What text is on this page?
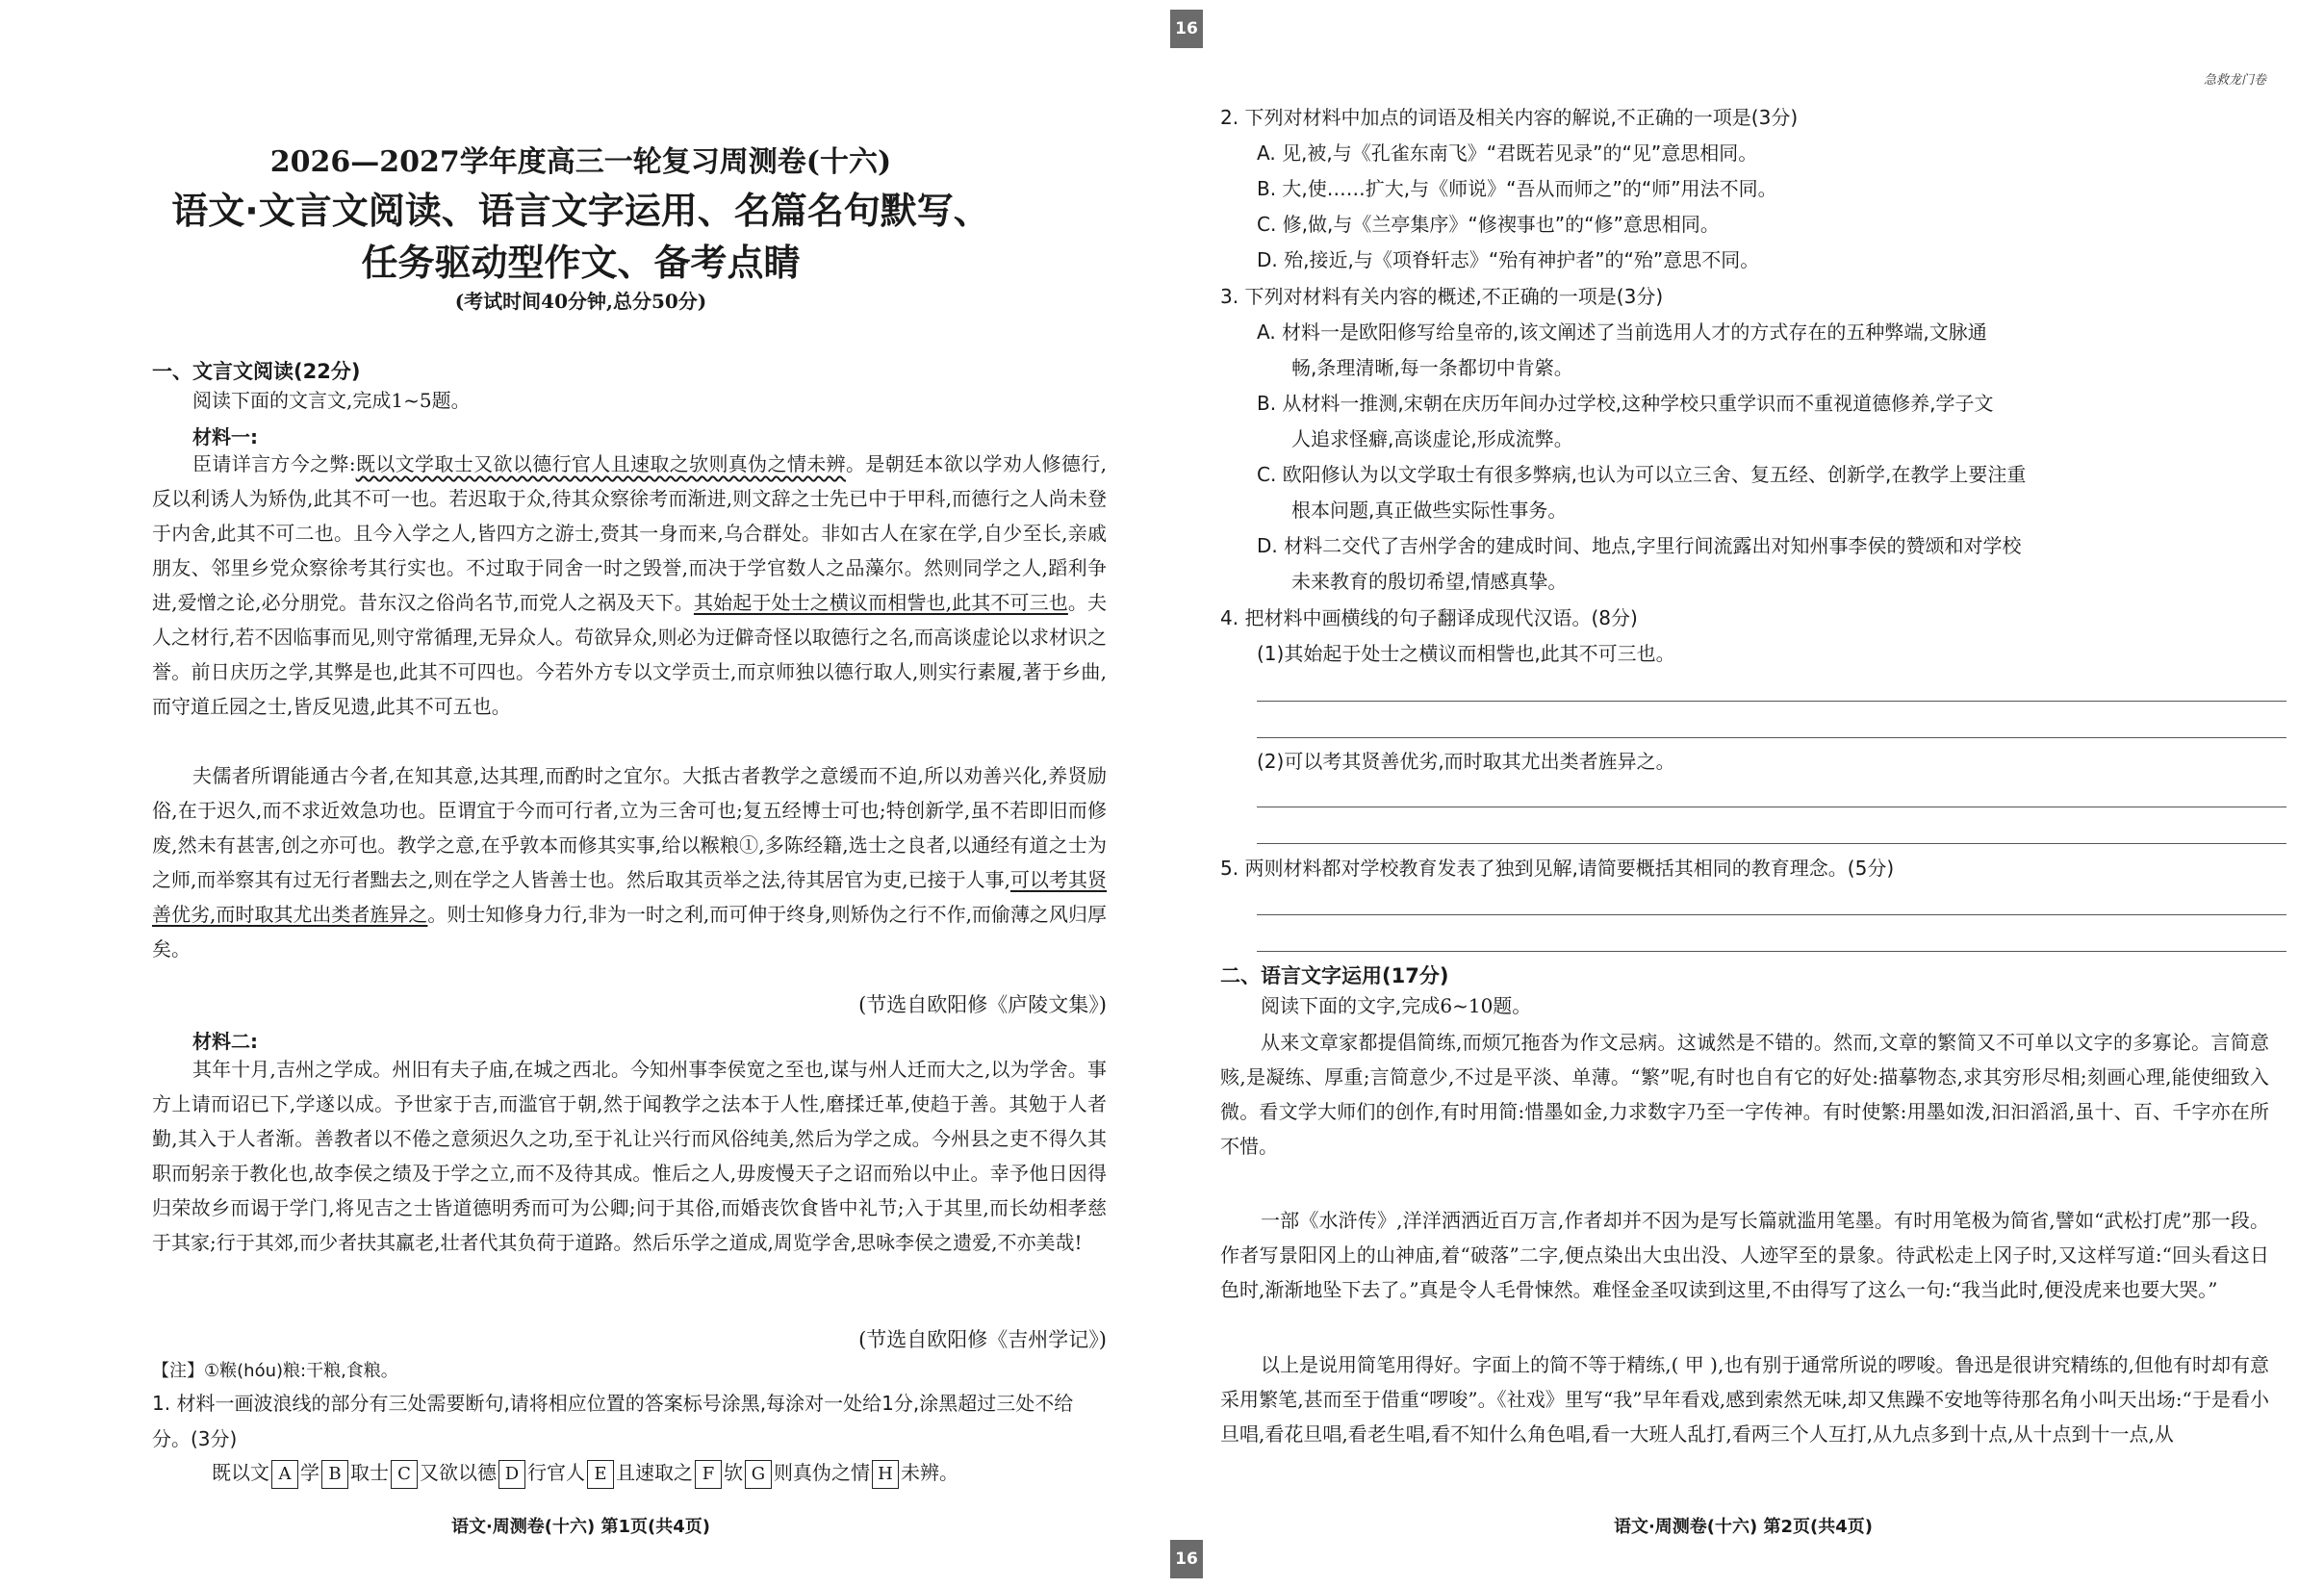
2026—2027学年度高三一轮复习周测卷(十六)
语文·文言文阅读、语言文字运用、名篇名句默写、
任务驱动型作文、备考点睛
(考试时间40分钟,总分50分)
一、文言文阅读(22分)
阅读下面的文言文,完成1~5题。
材料一:
臣请详言方今之弊:既以文学取士又欲以德行官人且速取之欤则真伪之情未辨。是朝廷本欲以学劝人修德行,反以利诱人为矫伪,此其不可一也。若迟取于众,待其众察徐考而渐进,则文辞之士先已中于甲科,而德行之人尚未登于内舍,此其不可二也。且今入学之人,皆四方之游士,赍其一身而来,乌合群处。非如古人在家在学,自少至长,亲戚朋友、邻里乡党众察徐考其行实也。不过取于同舍一时之毁誉,而决于学官数人之品藻尔。然则同学之人,蹈利争进,爱憎之论,必分朋党。昔东汉之俗尚名节,而党人之祸及天下。其始起于处士之横议而相訾也,此其不可三也。夫人之材行,若不因临事而见,则守常循理,无异众人。苟欲异众,则必为迂僻奇怪以取德行之名,而高谈虚论以求材识之誉。前日庆历之学,其弊是也,此其不可四也。今若外方专以文学贡士,而京师独以德行取人,则实行素履,著于乡曲,而守道丘园之士,皆反见遗,此其不可五也。
夫儒者所谓能通古今者,在知其意,达其理,而酌时之宜尔。大抵古者教学之意缓而不迫,所以劝善兴化,养贤励俗,在于迟久,而不求近效急功也。臣谓宜于今而可行者,立为三舍可也;复五经博士可也;特创新学,虽不若即旧而修废,然未有甚害,创之亦可也。教学之意,在乎敦本而修其实事,给以糇粮①,多陈经籍,选士之良者,以通经有道之士为之师,而举察其有过无行者黜去之,则在学之人皆善士也。然后取其贡举之法,待其居官为吏,已接于人事,可以考其贤善优劣,而时取其尤出类者旌异之。则士知修身力行,非为一时之利,而可伸于终身,则矫伪之行不作,而偷薄之风归厚矣。
(节选自欧阳修《庐陵文集》)
材料二:
其年十月,吉州之学成。州旧有夫子庙,在城之西北。今知州事李侯宽之至也,谋与州人迁而大之,以为学舍。事方上请而诏已下,学遂以成。予世家于吉,而滥官于朝,然于闻教学之法本于人性,磨揉迁革,使趋于善。其勉于人者勤,其入于人者渐。善教者以不倦之意须迟久之功,至于礼让兴行而风俗纯美,然后为学之成。今州县之吏不得久其职而躬亲于教化也,故李侯之绩及于学之立,而不及待其成。惟后之人,毋废慢天子之诏而殆以中止。幸予他日因得归荣故乡而谒于学门,将见吉之士皆道德明秀而可为公卿;问于其俗,而婚丧饮食皆中礼节;入于其里,而长幼相孝慈于其家;行于其郊,而少者扶其羸老,壮者代其负荷于道路。然后乐学之道成,周览学舍,思咏李侯之遗爱,不亦美哉!
(节选自欧阳修《吉州学记》)
【注】①糇(hóu)粮:干粮,食粮。
1. 材料一画波浪线的部分有三处需要断句,请将相应位置的答案标号涂黑,每涂对一处给1分,涂黑超过三处不给分。(3分)
既以文 A 学 B 取士 C 又欲以德 D 行官人 E 且速取之 F 欤 G 则真伪之情 H 未辨。
语文·周测卷(十六) 第1页(共4页)
16
16
急救龙门卷
2. 下列对材料中加点的词语及相关内容的解说,不正确的一项是(3分)
A. 见,被,与《孔雀东南飞》“君既若见录”的“见”意思相同。
B. 大,使……扩大,与《师说》“吾从而师之”的“师”用法不同。
C. 修,做,与《兰亭集序》“修禊事也”的“修”意思相同。
D. 殆,接近,与《项脊轩志》“殆有神护者”的“殆”意思不同。
3. 下列对材料有关内容的概述,不正确的一项是(3分)
A. 材料一是欧阳修写给皇帝的,该文阐述了当前选用人才的方式存在的五种弊端,文脉通
畅,条理清晰,每一条都切中肯綮。
B. 从材料一推测,宋朝在庆历年间办过学校,这种学校只重学识而不重视道德修养,学子文
人追求怪癖,高谈虚论,形成流弊。
C. 欧阳修认为以文学取士有很多弊病,也认为可以立三舍、复五经、创新学,在教学上要注重
根本问题,真正做些实际性事务。
D. 材料二交代了吉州学舍的建成时间、地点,字里行间流露出对知州事李侯的赞颂和对学校
未来教育的殷切希望,情感真挚。
4. 把材料中画横线的句子翻译成现代汉语。(8分)
(1)其始起于处士之横议而相訾也,此其不可三也。
(2)可以考其贤善优劣,而时取其尤出类者旌异之。
5. 两则材料都对学校教育发表了独到见解,请简要概括其相同的教育理念。(5分)
二、语言文字运用(17分)
阅读下面的文字,完成6~10题。
从来文章家都提倡简练,而烦冗拖沓为作文忌病。这诚然是不错的。然而,文章的繁简又不可单以文字的多寡论。言简意赅,是凝练、厚重;言简意少,不过是平淡、单薄。“繁”呢,有时也自有它的好处:描摹物态,求其穷形尽相;刻画心理,能使细致入微。看文学大师们的创作,有时用简:惜墨如金,力求数字乃至一字传神。有时使繁:用墨如泼,汩汩滔滔,虽十、百、千字亦在所不惜。
一部《水浒传》,洋洋洒洒近百万言,作者却并不因为是写长篇就滥用笔墨。有时用笔极为简省,譬如“武松打虎”那一段。作者写景阳冈上的山神庙,着“破落”二字,便点染出大虫出没、人迹罕至的景象。待武松走上冈子时,又这样写道:“回头看这日色时,渐渐地坠下去了。”真是令人毛骨悚然。难怪金圣叹读到这里,不由得写了这么一句:“我当此时,便没虎来也要大哭。”
以上是说用简笔用得好。字面上的简不等于精练,( 甲 ),也有别于通常所说的啰唆。鲁迅是很讲究精练的,但他有时却有意采用繁笔,甚而至于借重“啰唆”。《社戏》里写“我”早年看戏,感到索然无味,却又焦躁不安地等待那名角小叫天出场:“于是看小旦唱,看花旦唱,看老生唱,看不知什么角色唱,看一大班人乱打,看两三个人互打,从九点多到十点,从十点到十一点,从
语文·周测卷(十六) 第2页(共4页)
